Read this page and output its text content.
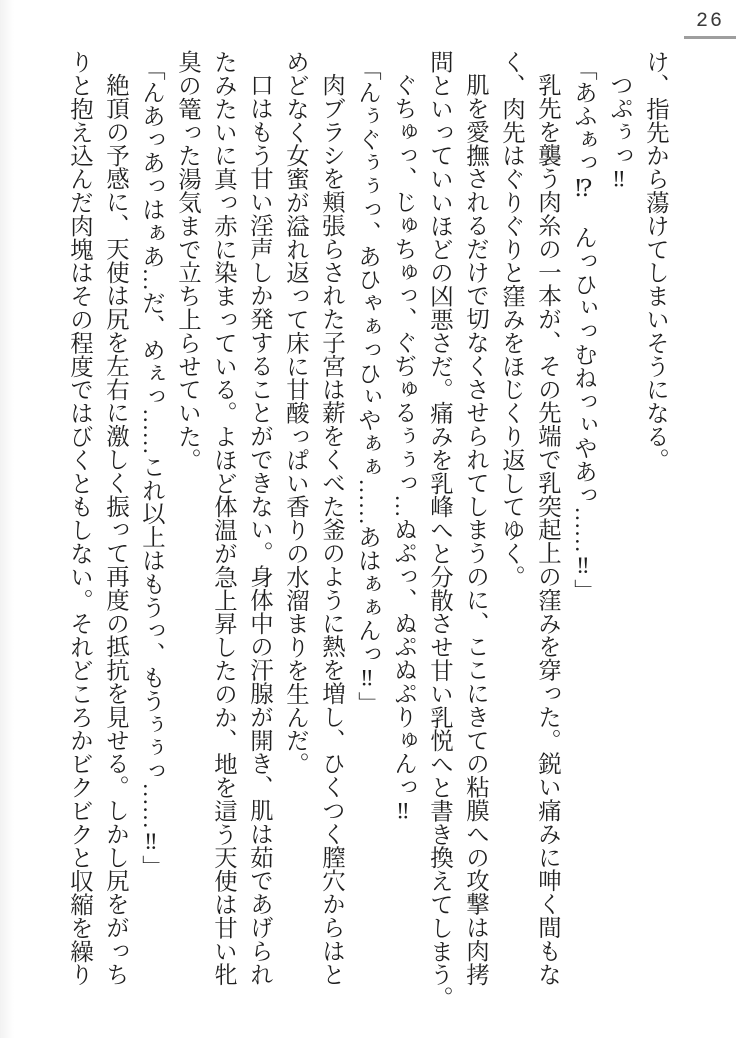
26

け、指先から蕩けてしまいそうになる。

つぷぅっ‼

「あふぁっ⁉　んっひぃっむねっぃやあっ……‼」

乳先を襲う肉糸の一本が、その先端で乳突起上の窪みを穿った。鋭い痛みに呻く間もな

く、肉先はぐりぐりと窪みをほじくり返してゆく。

肌を愛撫されるだけで切なくさせられてしまうのに、ここにきての粘膜への攻撃は肉拷

問といっていいほどの凶悪さだ。痛みを乳峰へと分散させ甘い乳悦へと書き換えてしまう。

ぐちゅっ、じゅちゅっ、ぐぢゅるぅぅっ…ぬぷっ、ぬぷぬぷりゅんっ‼

「んぅぐぅぅっ、あひゃぁっひぃやぁぁ……あはぁぁんっ‼」

肉ブラシを頬張らされた子宮は薪をくべた釜のように熱を増し、ひくつく膣穴からはと

めどなく女蜜が溢れ返って床に甘酸っぱい香りの水溜まりを生んだ。

口はもう甘い淫声しか発することができない。身体中の汗腺が開き、肌は茹であげられ

たみたいに真っ赤に染まっている。よほど体温が急上昇したのか、地を這う天使は甘い牝

臭の篭った湯気まで立ち上らせていた。

「んあっあっはぁあ…だ、めぇっ……これ以上はもうっ、もうぅぅっ……‼」

絶頂の予感に、天使は尻を左右に激しく振って再度の抵抗を見せる。しかし尻をがっち

りと抱え込んだ肉塊はその程度ではびくともしない。それどころかビクビクと収縮を繰り
